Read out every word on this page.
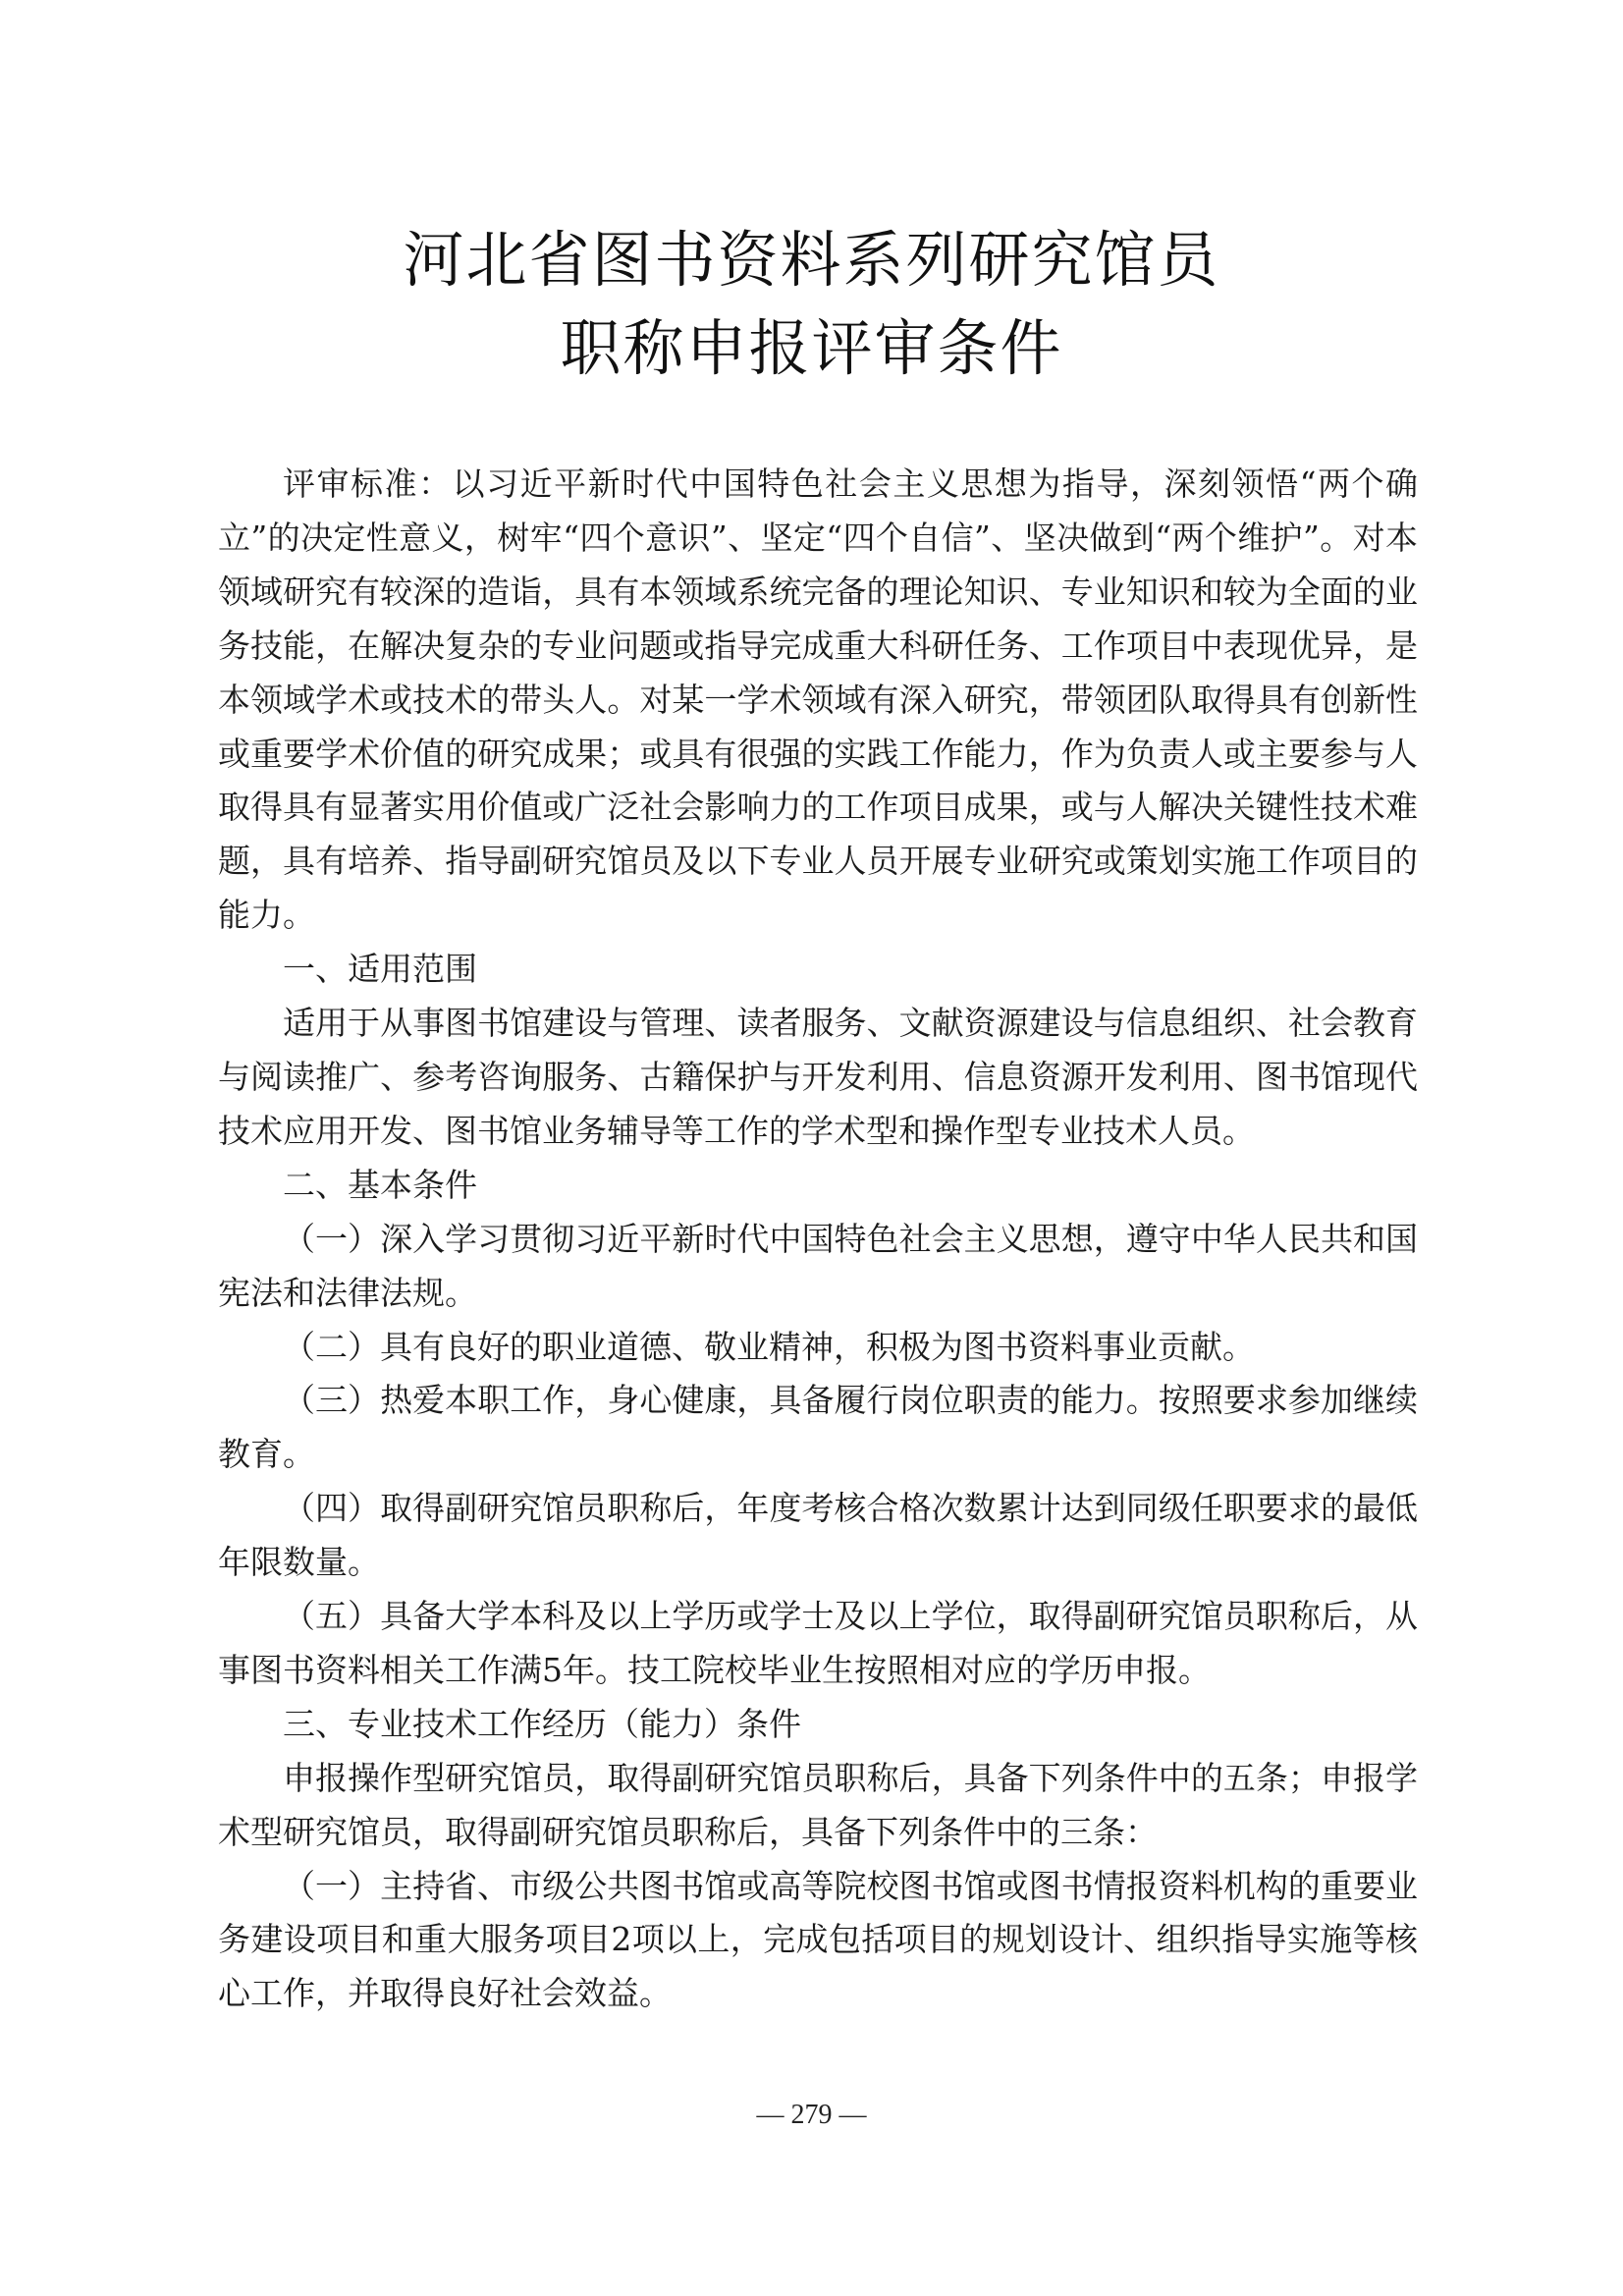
河北省图书资料系列研究馆员
职称申报评审条件

评审标准：以习近平新时代中国特色社会主义思想为指导，深刻领悟“两个确立”的决定性意义，树牢“四个意识”、坚定“四个自信”、坚决做到“两个维护”。对本领域研究有较深的造诣，具有本领域系统完备的理论知识、专业知识和较为全面的业务技能，在解决复杂的专业问题或指导完成重大科研任务、工作项目中表现优异，是本领域学术或技术的带头人。对某一学术领域有深入研究，带领团队取得具有创新性或重要学术价值的研究成果；或具有很强的实践工作能力，作为负责人或主要参与人取得具有显著实用价值或广泛社会影响力的工作项目成果，或与人解决关键性技术难题，具有培养、指导副研究馆员及以下专业人员开展专业研究或策划实施工作项目的能力。

一、适用范围

适用于从事图书馆建设与管理、读者服务、文献资源建设与信息组织、社会教育与阅读推广、参考咨询服务、古籍保护与开发利用、信息资源开发利用、图书馆现代技术应用开发、图书馆业务辅导等工作的学术型和操作型专业技术人员。

二、基本条件

（一）深入学习贯彻习近平新时代中国特色社会主义思想，遵守中华人民共和国宪法和法律法规。

（二）具有良好的职业道德、敬业精神，积极为图书资料事业贡献。

（三）热爱本职工作，身心健康，具备履行岗位职责的能力。按照要求参加继续教育。

（四）取得副研究馆员职称后，年度考核合格次数累计达到同级任职要求的最低年限数量。

（五）具备大学本科及以上学历或学士及以上学位，取得副研究馆员职称后，从事图书资料相关工作满5年。技工院校毕业生按照相对应的学历申报。

三、专业技术工作经历（能力）条件

申报操作型研究馆员，取得副研究馆员职称后，具备下列条件中的五条；申报学术型研究馆员，取得副研究馆员职称后，具备下列条件中的三条：

（一）主持省、市级公共图书馆或高等院校图书馆或图书情报资料机构的重要业务建设项目和重大服务项目2项以上，完成包括项目的规划设计、组织指导实施等核心工作，并取得良好社会效益。

— 279 —
